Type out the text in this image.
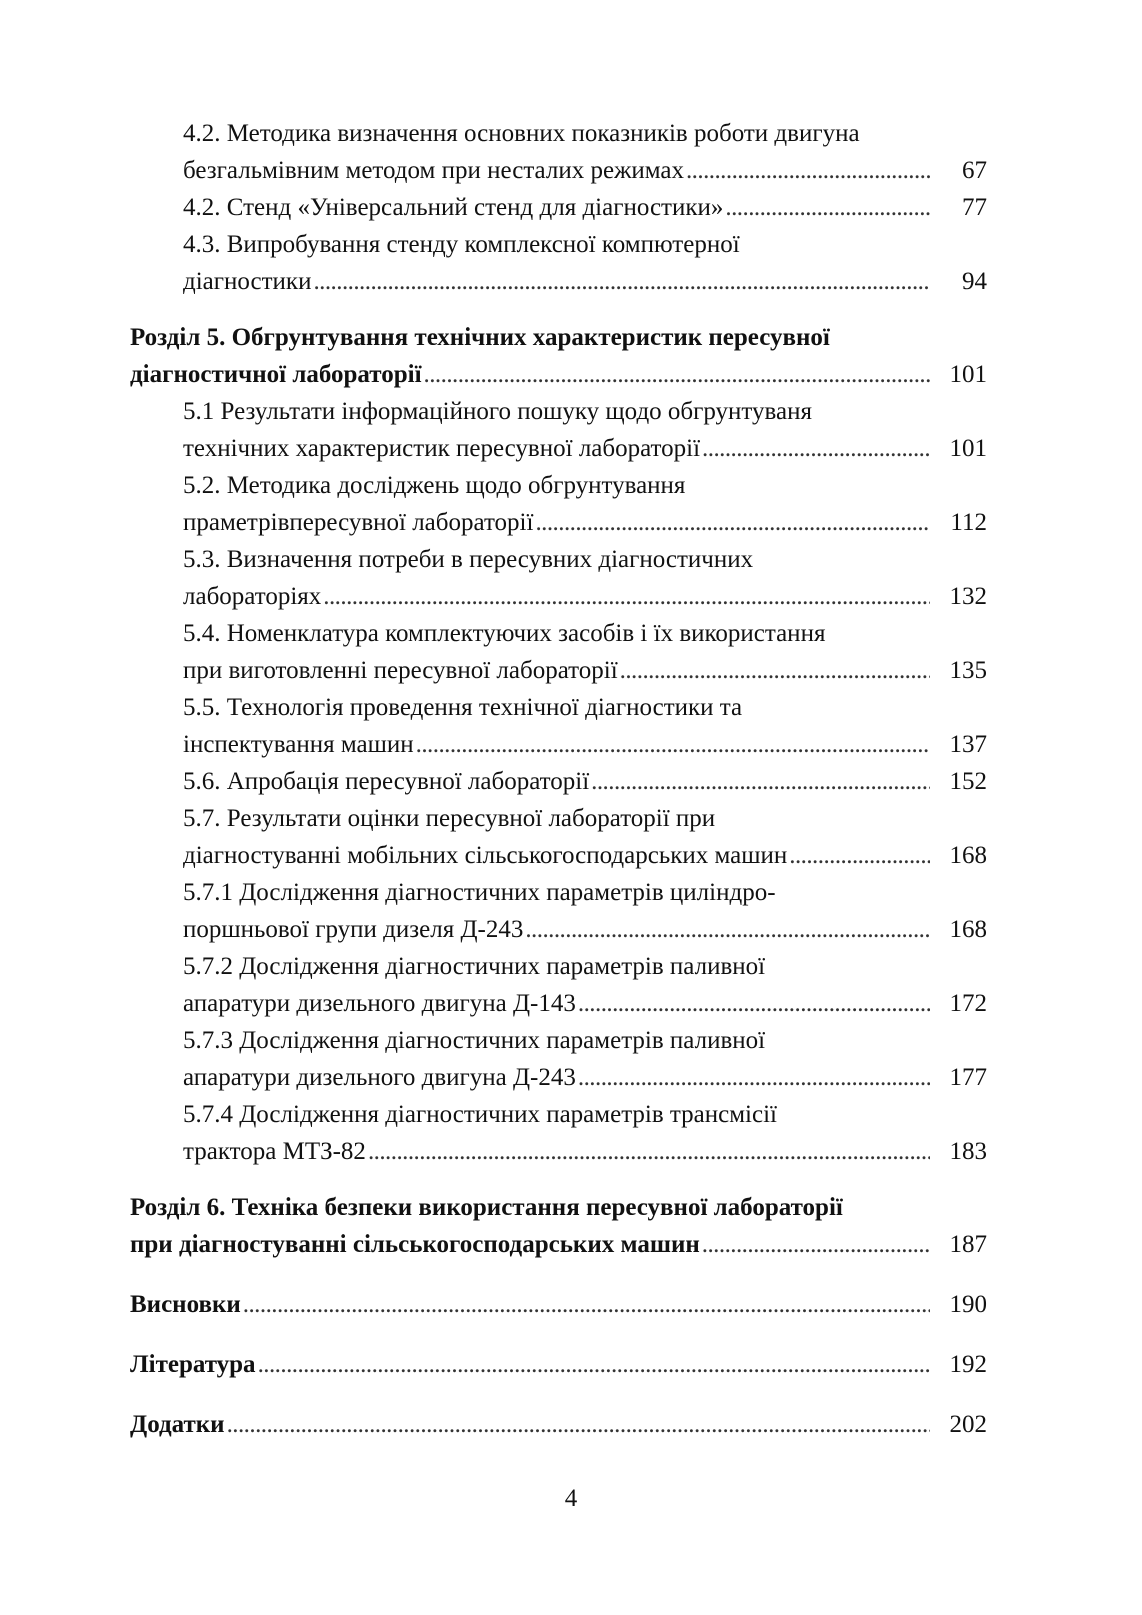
4.2. Методика визначення основних показників роботи двигуна
безгальмівним методом при несталих режимах . . .	67
4.2. Стенд «Універсальний стенд для діагностики» . . .	77
4.3. Випробування стенду комплексної компютерної
діагностики . . .	94
Розділ 5. Обгрунтування технічних характеристик пересувної
діагностичної лабораторії . . .	101
5.1 Результати інформаційного пошуку щодо обгрунтуваня
технічних характеристик пересувної лабораторії . . .	101
5.2. Методика досліджень щодо обгрунтування
праметрівпересувної лабораторії . . .	112
5.3. Визначення потреби в пересувних діагностичних
лабораторіях . . .	132
5.4. Номенклатура комплектуючих засобів і їх використання
при виготовленні пересувної лабораторії . . .	135
5.5. Технологія проведення технічної діагностики та
інспектування машин . . .	137
5.6. Апробація пересувної лабораторії . . .	152
5.7. Результати оцінки пересувної лабораторії при
діагностуванні мобільних сільськогосподарських машин . . .	168
5.7.1 Дослідження діагностичних параметрів циліндро-
поршньової групи дизеля Д-243 . . .	168
5.7.2 Дослідження діагностичних параметрів паливної
апаратури дизельного двигуна Д-143 . . .	172
5.7.3 Дослідження діагностичних параметрів паливної
апаратури дизельного двигуна Д-243 . . .	177
5.7.4 Дослідження діагностичних параметрів трансмісії
трактора МТЗ-82 . . .	183
Розділ 6. Техніка безпеки використання пересувної лабораторії
при діагностуванні сільськогосподарських машин . . .	187
Висновки . . .	190
Література . . .	192
Додатки . . .	202
4
